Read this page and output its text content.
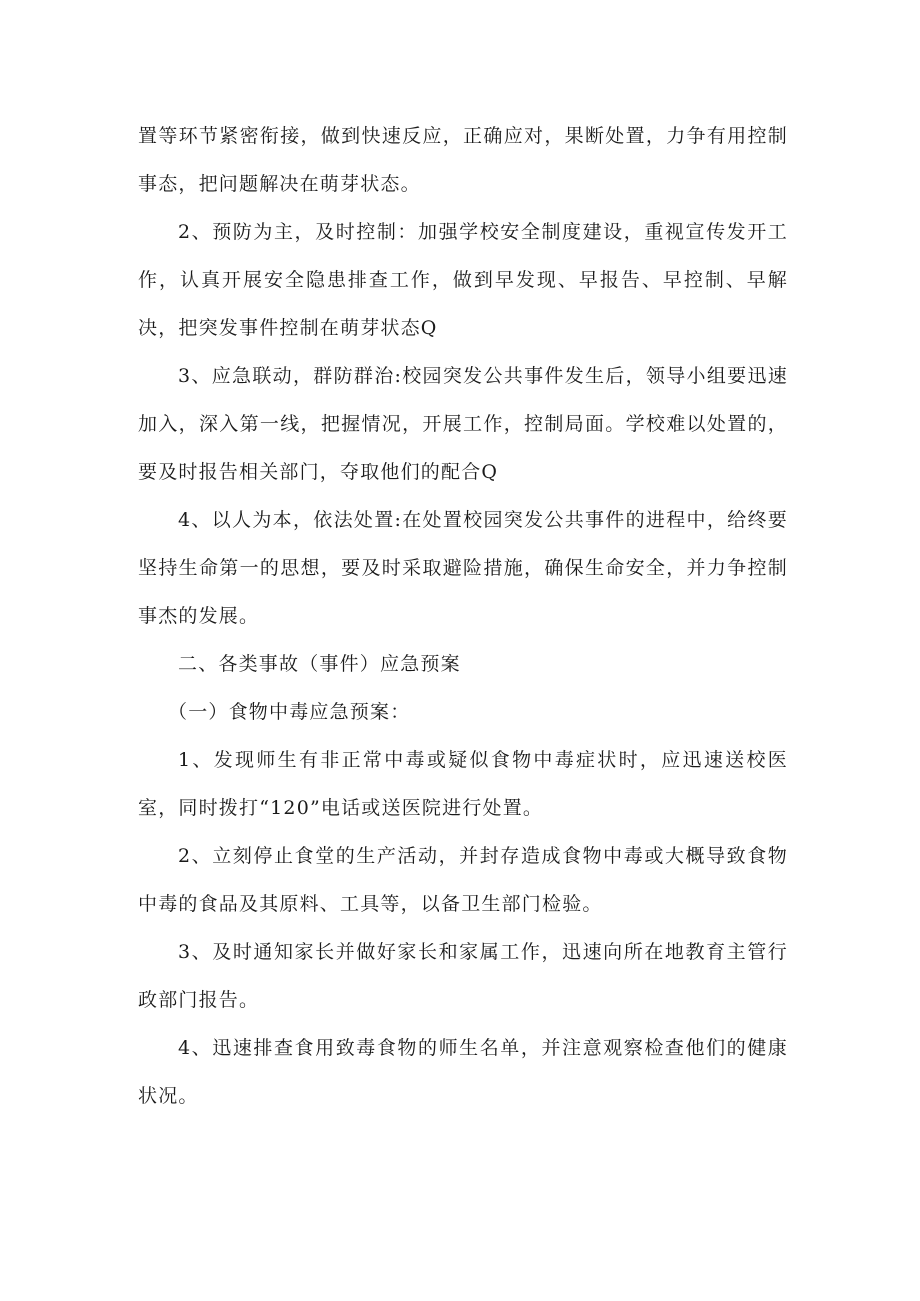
置等环节紧密衔接，做到快速反应，正确应对，果断处置，力争有用控制事态，把问题解决在萌芽状态。

2、预防为主，及时控制：加强学校安全制度建设，重视宣传发开工作，认真开展安全隐患排查工作，做到早发现、早报告、早控制、早解决，把突发事件控制在萌芽状态Q

3、应急联动，群防群治:校园突发公共事件发生后，领导小组要迅速加入，深入第一线，把握情况，开展工作，控制局面。学校难以处置的，要及时报告相关部门，夺取他们的配合Q

4、以人为本，依法处置:在处置校园突发公共事件的进程中，给终要坚持生命第一的思想，要及时采取避险措施，确保生命安全，并力争控制事杰的发展。

二、各类事故（事件）应急预案

（一）食物中毒应急预案：

1、发现师生有非正常中毒或疑似食物中毒症状时，应迅速送校医室，同时拨打“120”电话或送医院进行处置。

2、立刻停止食堂的生产活动，并封存造成食物中毒或大概导致食物中毒的食品及其原料、工具等，以备卫生部门检验。

3、及时通知家长并做好家长和家属工作，迅速向所在地教育主管行政部门报告。

4、迅速排查食用致毒食物的师生名单，并注意观察检查他们的健康状况。
